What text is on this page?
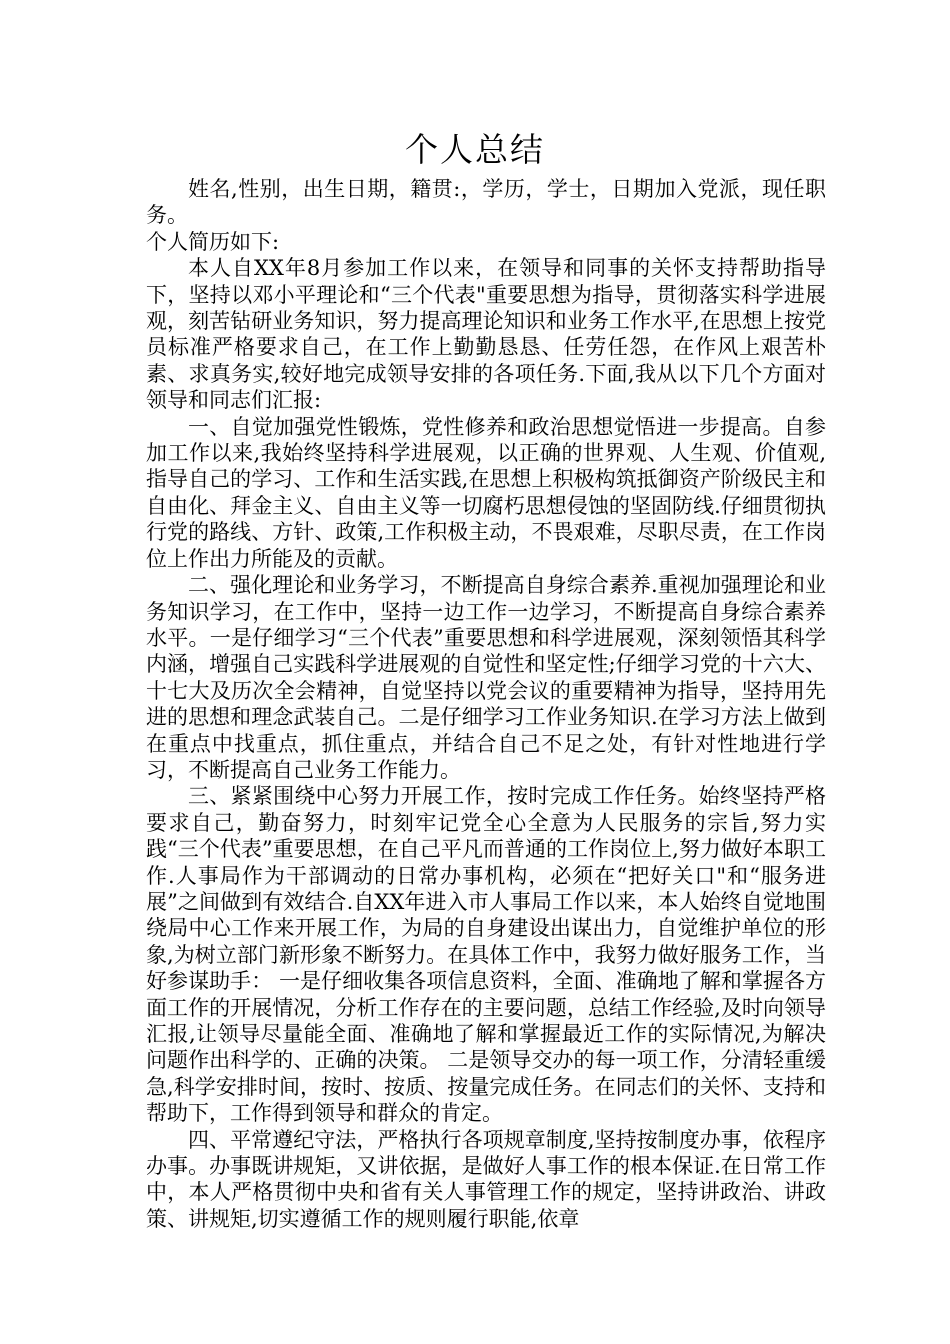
个人总结

姓名,性别，出生日期，籍贯:，学历，学士，日期加入党派，现任职务。

个人简历如下:

本人自XX年8月参加工作以来，在领导和同事的关怀支持帮助指导下，坚持以邓小平理论和“三个代表"重要思想为指导，贯彻落实科学进展观，刻苦钻研业务知识，努力提高理论知识和业务工作水平,在思想上按党员标准严格要求自己，在工作上勤勤恳恳、任劳任怨，在作风上艰苦朴素、求真务实,较好地完成领导安排的各项任务.下面,我从以下几个方面对领导和同志们汇报:

一、自觉加强党性锻炼，党性修养和政治思想觉悟进一步提高。自参加工作以来,我始终坚持科学进展观，以正确的世界观、人生观、价值观,指导自己的学习、工作和生活实践,在思想上积极构筑抵御资产阶级民主和自由化、拜金主义、自由主义等一切腐朽思想侵蚀的坚固防线.仔细贯彻执行党的路线、方针、政策,工作积极主动，不畏艰难，尽职尽责，在工作岗位上作出力所能及的贡献。

二、强化理论和业务学习，不断提高自身综合素养.重视加强理论和业务知识学习，在工作中，坚持一边工作一边学习，不断提高自身综合素养水平。一是仔细学习“三个代表”重要思想和科学进展观，深刻领悟其科学内涵，增强自己实践科学进展观的自觉性和坚定性;仔细学习党的十六大、十七大及历次全会精神，自觉坚持以党会议的重要精神为指导，坚持用先进的思想和理念武装自己。二是仔细学习工作业务知识.在学习方法上做到在重点中找重点，抓住重点，并结合自己不足之处，有针对性地进行学习，不断提高自己业务工作能力。

三、紧紧围绕中心努力开展工作，按时完成工作任务。始终坚持严格要求自己，勤奋努力，时刻牢记党全心全意为人民服务的宗旨,努力实践“三个代表”重要思想，在自己平凡而普通的工作岗位上,努力做好本职工作.人事局作为干部调动的日常办事机构，必须在“把好关口"和“服务进展”之间做到有效结合.自XX年进入市人事局工作以来，本人始终自觉地围绕局中心工作来开展工作，为局的自身建设出谋出力，自觉维护单位的形象,为树立部门新形象不断努力。在具体工作中，我努力做好服务工作，当好参谋助手： 一是仔细收集各项信息资料，全面、准确地了解和掌握各方面工作的开展情况，分析工作存在的主要问题，总结工作经验,及时向领导汇报,让领导尽量能全面、准确地了解和掌握最近工作的实际情况,为解决问题作出科学的、正确的决策。 二是领导交办的每一项工作，分清轻重缓急,科学安排时间，按时、按质、按量完成任务。在同志们的关怀、支持和帮助下，工作得到领导和群众的肯定。

四、平常遵纪守法，严格执行各项规章制度,坚持按制度办事，依程序办事。办事既讲规矩，又讲依据，是做好人事工作的根本保证.在日常工作中，本人严格贯彻中央和省有关人事管理工作的规定，坚持讲政治、讲政策、讲规矩,切实遵循工作的规则履行职能,依章
